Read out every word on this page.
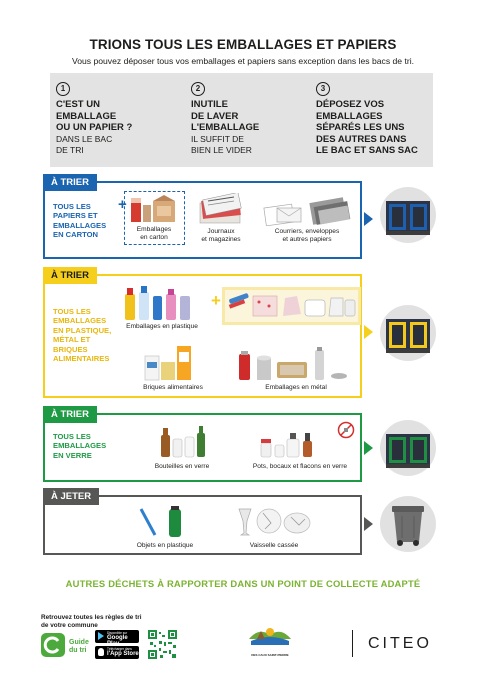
TRIONS TOUS LES EMBALLAGES ET PAPIERS
Vous pouvez déposer tous vos emballages et papiers sans exception dans les bacs de tri.
1
C'EST UN
EMBALLAGE
OU UN PAPIER ?
DANS LE BAC
DE TRI
2
INUTILE
DE LAVER
L'EMBALLAGE
IL SUFFIT DE
BIEN LE VIDER
3
DÉPOSEZ VOS
EMBALLAGES
SÉPARÉS LES UNS
DES AUTRES DANS
LE BAC ET SANS SAC
À TRIER
TOUS LES
PAPIERS ET
EMBALLAGES
EN CARTON
+
Emballages
en carton
Journaux
et magazines
Courriers, enveloppes
et autres papiers
À TRIER
TOUS LES
EMBALLAGES
EN PLASTIQUE,
MÉTAL ET
BRIQUES
ALIMENTAIRES
Emballages en plastique
+
Briques alimentaires	Emballages en métal
À TRIER
TOUS LES
EMBALLAGES
EN VERRE
Bouteilles en verre	Pots, bocaux et flacons en verre
À JETER
Objets en plastique	Vaisselle cassée
AUTRES DÉCHETS À RAPPORTER DANS UN POINT DE COLLECTE ADAPTÉ
Retrouvez toutes les règles de tri
de votre commune
Guide
du tri
Disponible sur
Google Play
Télécharger dans
l'App Store	DES CAUX SAINT-PIERRE
CITEO
